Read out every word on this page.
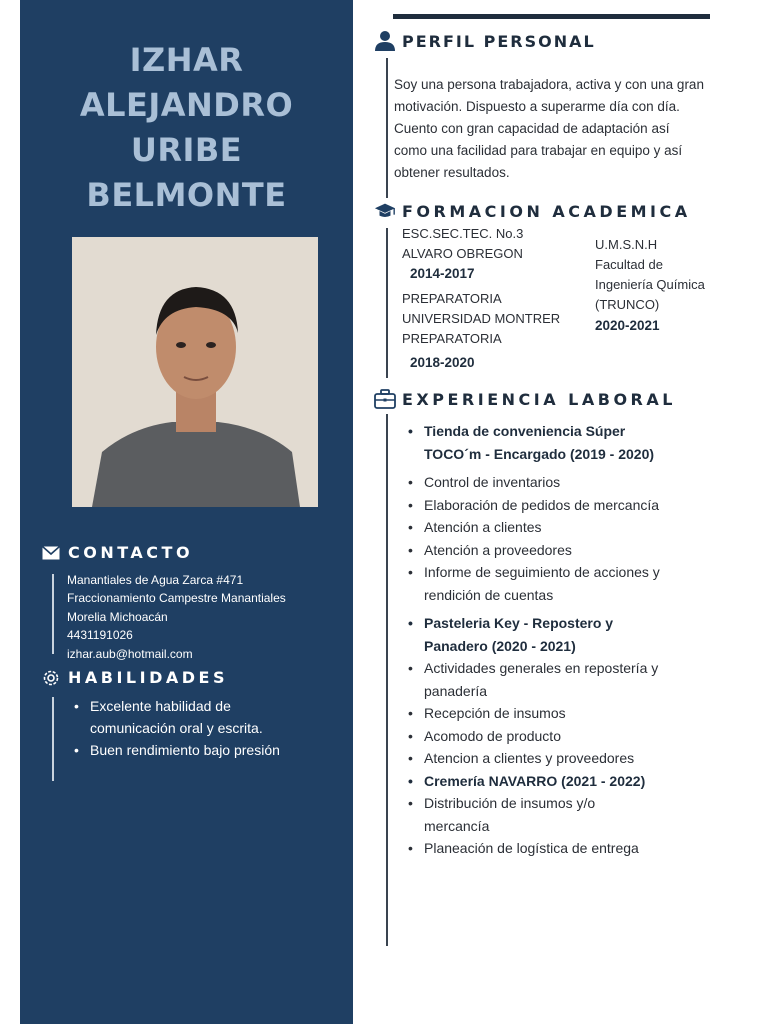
IZHAR
ALEJANDRO
URIBE
BELMONTE
CONTACTO
Manantiales de Agua Zarca #471
Fraccionamiento Campestre Manantiales
Morelia Michoacán
4431191026
izhar.aub@hotmail.com
HABILIDADES
• Excelente habilidad de comunicación oral y escrita.
• Buen rendimiento bajo presión
PERFIL PERSONAL
Soy una persona trabajadora, activa y con una gran motivación. Dispuesto a superarme día con día. Cuento con gran capacidad de adaptación así como una facilidad para trabajar en equipo y así obtener resultados.
FORMACION ACADEMICA
ESC.SEC.TEC. No.3
ALVARO OBREGON
2014-2017
PREPARATORIA
UNIVERSIDAD MONTRER
PREPARATORIA
2018-2020
U.M.S.N.H
Facultad de
Ingeniería Química
(TRUNCO)
2020-2021
EXPERIENCIA LABORAL
• Tienda de conveniencia Súper TOCO´m - Encargado (2019 - 2020)
• Control de inventarios
• Elaboración de pedidos de mercancía
• Atención a clientes
• Atención a proveedores
• Informe de seguimiento de acciones y rendición de cuentas
• Pasteleria Key - Repostero y Panadero (2020 - 2021)
• Actividades generales en repostería y panadería
• Recepción de insumos
• Acomodo de producto
• Atencion a clientes y proveedores
• Cremería NAVARRO (2021 - 2022)
• Distribución de insumos y/o mercancía
• Planeación de logística de entrega
